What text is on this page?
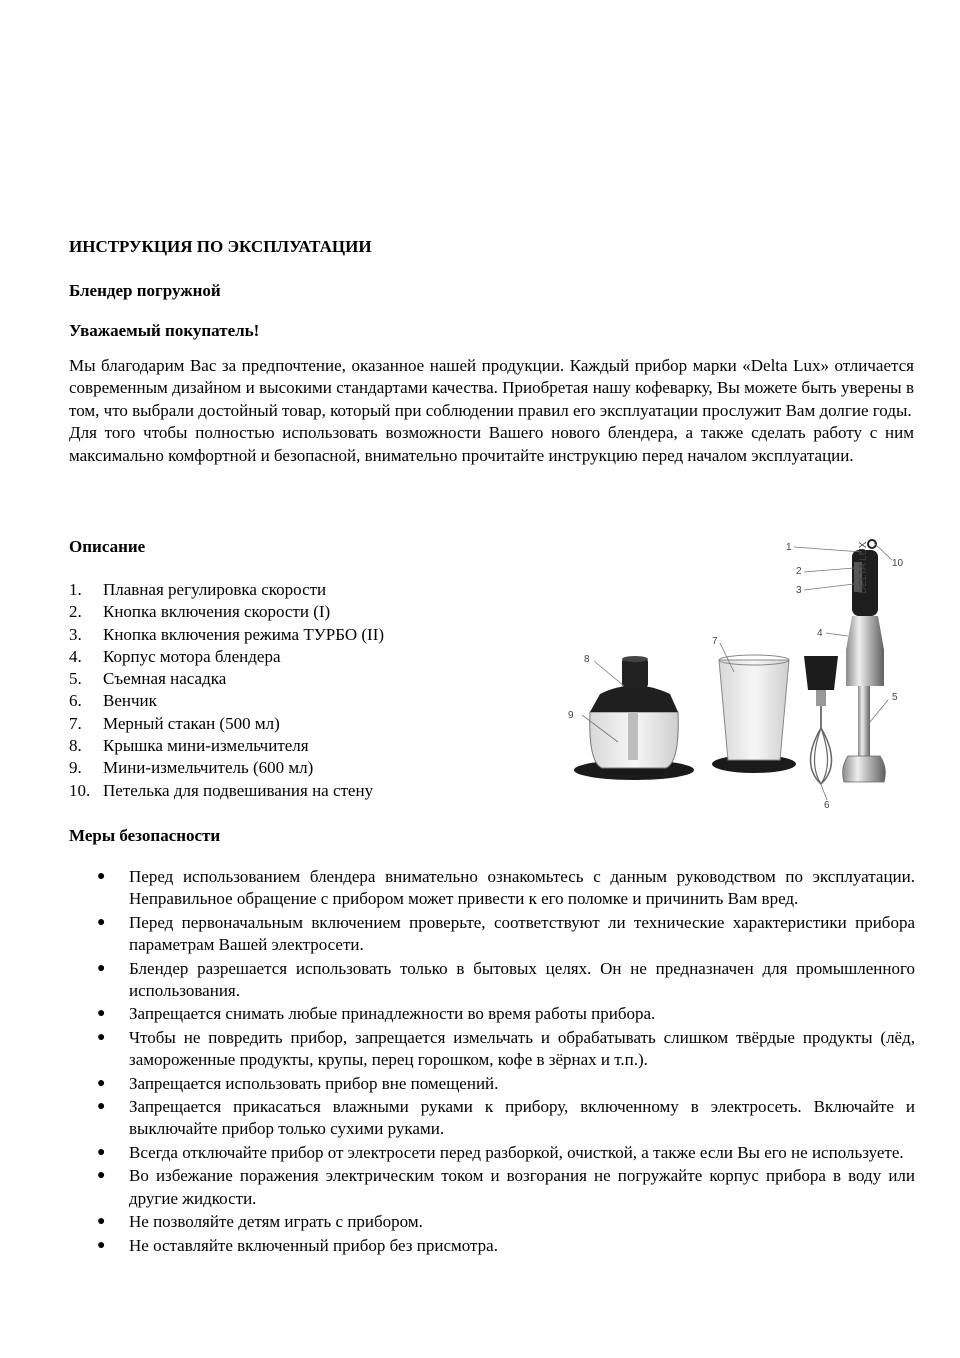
ИНСТРУКЦИЯ ПО ЭКСПЛУАТАЦИИ
Блендер погружной
Уважаемый покупатель!

Мы благодарим Вас за предпочтение, оказанное нашей продукции. Каждый прибор марки «Delta Lux» отличается современным дизайном и высокими стандартами качества. Приобретая нашу кофеварку, Вы можете быть уверены в том, что выбрали достойный товар, который при соблюдении правил его эксплуатации прослужит Вам долгие годы.

Для того чтобы полностью использовать возможности Вашего нового блендера, а также сделать работу с ним максимально комфортной и безопасной, внимательно прочитайте инструкцию перед началом эксплуатации.

Описание
1.	Плавная регулировка скорости
2.	Кнопка включения скорости (I)
3.	Кнопка включения режима ТУРБО (II)
4.	Корпус мотора блендера
5.	Съемная насадка
6.	Венчик
7.	Мерный стакан (500 мл)
8.	Крышка мини-измельчителя
9.	Мини-измельчитель (600 мл)
10. Петелька для подвешивания на стену
1
2
3
4
5
6
7
8
9
10
DELTA LUX
Меры безопасности
●	Перед использованием блендера внимательно ознакомьтесь с данным руководством по эксплуатации. Неправильное обращение с прибором может привести к его поломке и причинить Вам вред.
●	Перед первоначальным включением проверьте, соответствуют ли технические характеристики прибора параметрам Вашей электросети.
●	Блендер разрешается использовать только в бытовых целях. Он не предназначен для промышленного использования.
●	Запрещается снимать любые принадлежности во время работы прибора.
●	Чтобы не повредить прибор, запрещается измельчать и обрабатывать слишком твёрдые продукты (лёд, замороженные продукты, крупы, перец горошком, кофе в зёрнах и т.п.).
●	Запрещается использовать прибор вне помещений.
●	Запрещается прикасаться влажными руками к прибору, включенному в электросеть. Включайте и выключайте прибор только сухими руками.
●	Всегда отключайте прибор от электросети перед разборкой, очисткой, а также если Вы его не используете.
●	Во избежание поражения электрическим током и возгорания не погружайте корпус прибора в воду или другие жидкости.
●	Не позволяйте детям играть с прибором.
●	Не оставляйте включенный прибор без присмотра.
